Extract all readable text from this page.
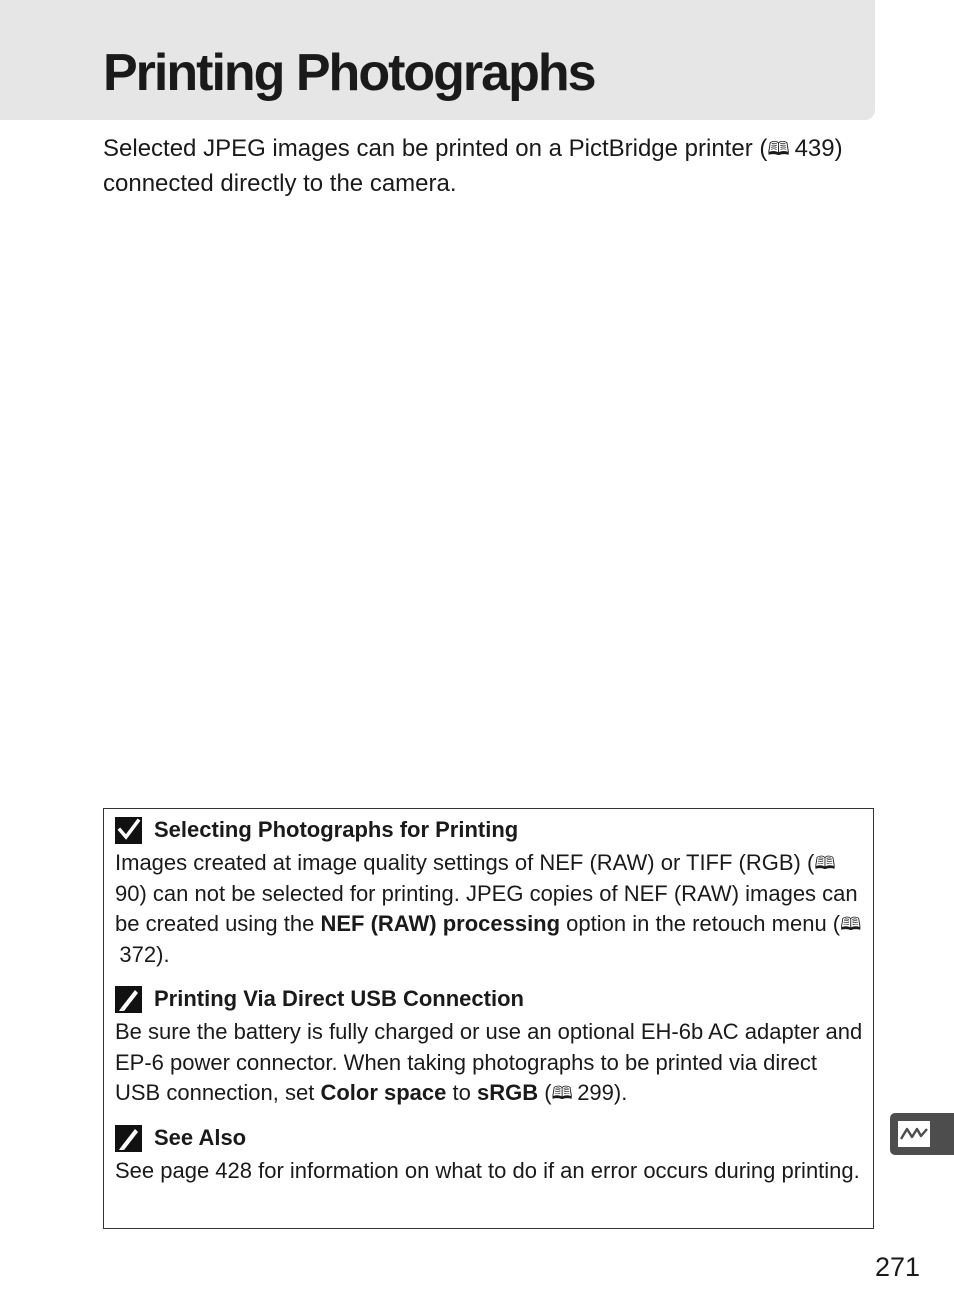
Printing Photographs

Selected JPEG images can be printed on a PictBridge printer (🕮  439) connected directly to the camera.

Selecting Photographs for Printing

Images created at image quality settings of NEF (RAW) or TIFF (RGB) (🕮 90) can not be selected for printing. JPEG copies of NEF (RAW) images can be created using the NEF (RAW) processing option in the retouch menu (🕮 372).

Printing Via Direct USB Connection

Be sure the battery is fully charged or use an optional EH-6b AC adapter and EP-6 power connector. When taking photographs to be printed via direct USB connection, set Color space to sRGB (🕮  299).

See Also

See page 428 for information on what to do if an error occurs during printing.

271
